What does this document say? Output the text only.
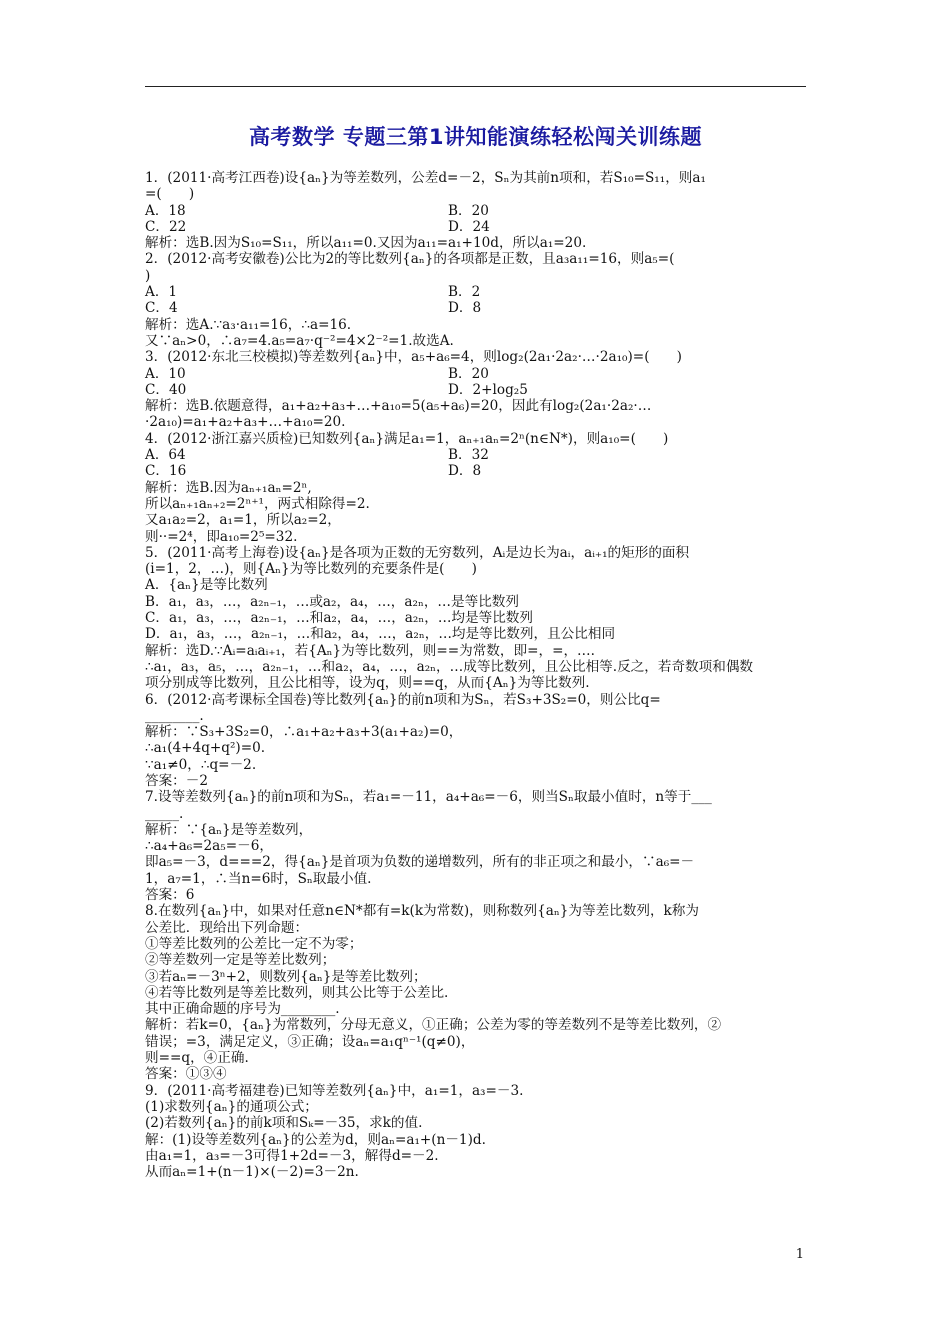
高考数学 专题三第1讲知能演练轻松闯关训练题
1．(2011·高考江西卷)设{aₙ}为等差数列，公差d=－2，Sₙ为其前n项和，若S₁₀=S₁₁，则a₁
=(　　)
A．18	B．20
C．22	D．24
解析：选B.因为S₁₀=S₁₁，所以a₁₁=0.又因为a₁₁=a₁+10d，所以a₁=20.
2．(2012·高考安徽卷)公比为2的等比数列{aₙ}的各项都是正数，且a₃a₁₁=16，则a₅=(
)
A．1	B．2
C．4	D．8
解析：选A.∵a₃·a₁₁=16，∴a=16.
又∵aₙ>0，∴a₇=4.a₅=a₇·q⁻²=4×2⁻²=1.故选A.
3．(2012·东北三校模拟)等差数列{aₙ}中，a₅+a₆=4，则log₂(2a₁·2a₂·…·2a₁₀)=(　　)
A．10	B．20
C．40	D．2+log₂5
解析：选B.依题意得，a₁+a₂+a₃+…+a₁₀=5(a₅+a₆)=20，因此有log₂(2a₁·2a₂·…
·2a₁₀)=a₁+a₂+a₃+…+a₁₀=20.
4．(2012·浙江嘉兴质检)已知数列{aₙ}满足a₁=1，aₙ₊₁aₙ=2ⁿ(n∈N*)，则a₁₀=(　　)
A．64	B．32
C．16	D．8
解析：选B.因为aₙ₊₁aₙ=2ⁿ,
所以aₙ₊₁aₙ₊₂=2ⁿ⁺¹，两式相除得=2.
又a₁a₂=2，a₁=1，所以a₂=2，
则··=2⁴，即a₁₀=2⁵=32.
5．(2011·高考上海卷)设{aₙ}是各项为正数的无穷数列，Aᵢ是边长为aᵢ，aᵢ₊₁的矩形的面积
(i=1，2，…)，则{Aₙ}为等比数列的充要条件是(　　)
A．{aₙ}是等比数列
B．a₁，a₃，…，a₂ₙ₋₁，…或a₂，a₄，…，a₂ₙ，…是等比数列
C．a₁，a₃，…，a₂ₙ₋₁，…和a₂，a₄，…，a₂ₙ，…均是等比数列
D．a₁，a₃，…，a₂ₙ₋₁，…和a₂，a₄，…，a₂ₙ，…均是等比数列，且公比相同
解析：选D.∵Aᵢ=aᵢaᵢ₊₁，若{Aₙ}为等比数列，则==为常数，即=，=，….
∴a₁，a₃，a₅，…，a₂ₙ₋₁，…和a₂，a₄，…，a₂ₙ，…成等比数列，且公比相等.反之，若奇数项和偶数
项分别成等比数列，且公比相等，设为q，则==q，从而{Aₙ}为等比数列.
6．(2012·高考课标全国卷)等比数列{aₙ}的前n项和为Sₙ，若S₃+3S₂=0，则公比q=
________.
解析：∵S₃+3S₂=0，∴a₁+a₂+a₃+3(a₁+a₂)=0，
∴a₁(4+4q+q²)=0.
∵a₁≠0，∴q=－2.
答案：－2
7.设等差数列{aₙ}的前n项和为Sₙ，若a₁=－11，a₄+a₆=－6，则当Sₙ取最小值时，n等于___
_____.
解析：∵{aₙ}是等差数列，
∴a₄+a₆=2a₅=－6，
即a₅=－3，d===2，得{aₙ}是首项为负数的递增数列，所有的非正项之和最小，∵a₆=－
1，a₇=1，∴当n=6时，Sₙ取最小值.
答案：6
8.在数列{aₙ}中，如果对任意n∈N*都有=k(k为常数)，则称数列{aₙ}为等差比数列，k称为
公差比．现给出下列命题：
①等差比数列的公差比一定不为零；
②等差数列一定是等差比数列；
③若aₙ=－3ⁿ+2，则数列{aₙ}是等差比数列；
④若等比数列是等差比数列，则其公比等于公差比.
其中正确命题的序号为________.
解析：若k=0，{aₙ}为常数列，分母无意义，①正确；公差为零的等差数列不是等差比数列，②
错误；=3，满足定义，③正确；设aₙ=a₁qⁿ⁻¹(q≠0)，
则==q，④正确.
答案：①③④
9．(2011·高考福建卷)已知等差数列{aₙ}中，a₁=1，a₃=－3.
(1)求数列{aₙ}的通项公式；
(2)若数列{aₙ}的前k项和Sₖ=－35，求k的值.
解：(1)设等差数列{aₙ}的公差为d，则aₙ=a₁+(n－1)d.
由a₁=1，a₃=－3可得1+2d=－3，解得d=－2.
从而aₙ=1+(n－1)×(－2)=3－2n.
1
